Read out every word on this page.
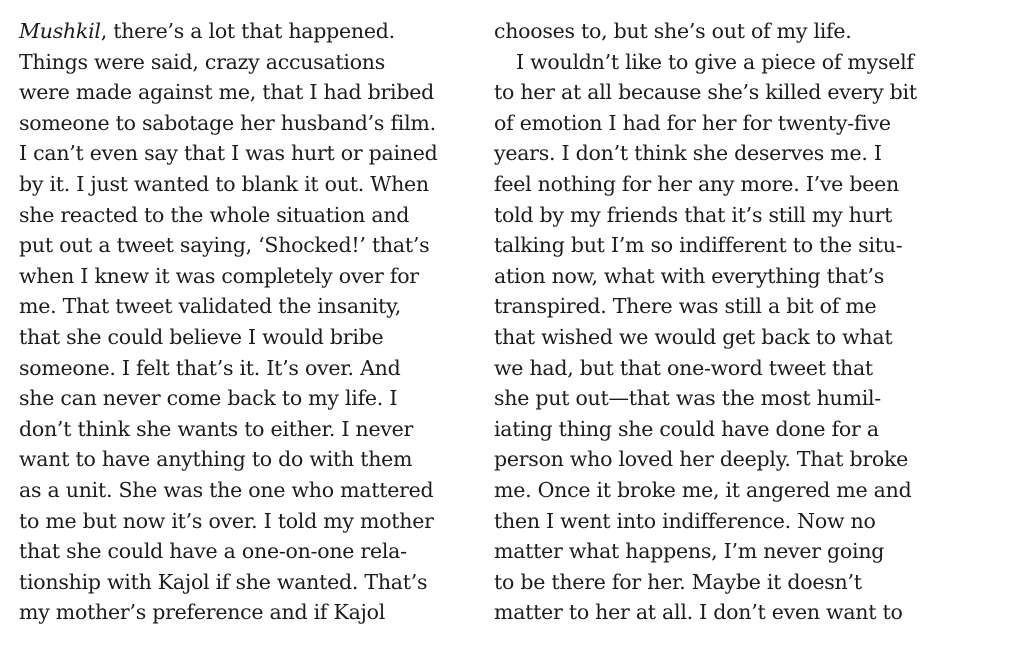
Mushkil, there’s a lot that happened.
Things were said, crazy accusations
were made against me, that I had bribed
someone to sabotage her husband’s film.
I can’t even say that I was hurt or pained
by it. I just wanted to blank it out. When
she reacted to the whole situation and
put out a tweet saying, ‘Shocked!’ that’s
when I knew it was completely over for
me. That tweet validated the insanity,
that she could believe I would bribe
someone. I felt that’s it. It’s over. And
she can never come back to my life. I
don’t think she wants to either. I never
want to have anything to do with them
as a unit. She was the one who mattered
to me but now it’s over. I told my mother
that she could have a one-on-one rela-
tionship with Kajol if she wanted. That’s
my mother’s preference and if Kajol
chooses to, but she’s out of my life.
I wouldn’t like to give a piece of myself
to her at all because she’s killed every bit
of emotion I had for her for twenty-five
years. I don’t think she deserves me. I
feel nothing for her any more. I’ve been
told by my friends that it’s still my hurt
talking but I’m so indifferent to the situ-
ation now, what with everything that’s
transpired. There was still a bit of me
that wished we would get back to what
we had, but that one-word tweet that
she put out—that was the most humil-
iating thing she could have done for a
person who loved her deeply. That broke
me. Once it broke me, it angered me and
then I went into indifference. Now no
matter what happens, I’m never going
to be there for her. Maybe it doesn’t
matter to her at all. I don’t even want to
